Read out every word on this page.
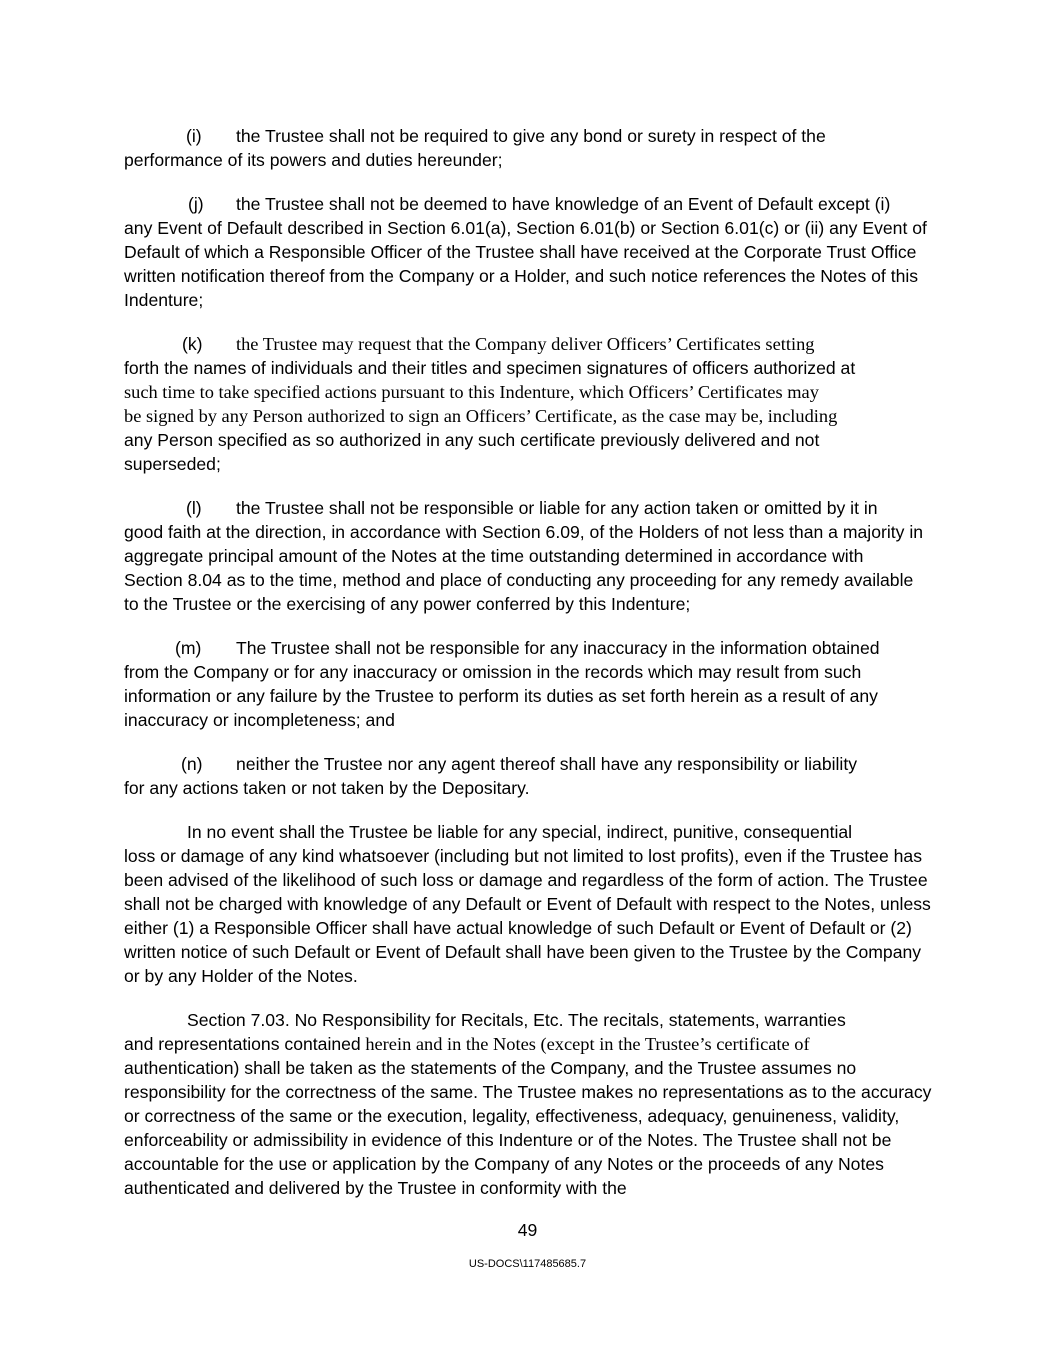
(i) the Trustee shall not be required to give any bond or surety in respect of the
performance of its powers and duties hereunder;
(j) the Trustee shall not be deemed to have knowledge of an Event of Default except (i)
any Event of Default described in Section 6.01(a), Section 6.01(b) or Section 6.01(c) or (ii) any Event of Default of which a Responsible Officer of the Trustee shall have received at the Corporate Trust Office written notification thereof from the Company or a Holder, and such notice references the Notes of this Indenture;
(k) the Trustee may request that the Company deliver Officers’ Certificates setting
forth the names of individuals and their titles and specimen signatures of officers authorized at
such time to take specified actions pursuant to this Indenture, which Officers’ Certificates may
be signed by any Person authorized to sign an Officers’ Certificate, as the case may be, including
any Person specified as so authorized in any such certificate previously delivered and not
superseded;
(l) the Trustee shall not be responsible or liable for any action taken or omitted by it in
good faith at the direction, in accordance with Section 6.09, of the Holders of not less than a majority in aggregate principal amount of the Notes at the time outstanding determined in accordance with Section 8.04 as to the time, method and place of conducting any proceeding for any remedy available to the Trustee or the exercising of any power conferred by this Indenture;
(m) The Trustee shall not be responsible for any inaccuracy in the information obtained
from the Company or for any inaccuracy or omission in the records which may result from such information or any failure by the Trustee to perform its duties as set forth herein as a result of any inaccuracy or incompleteness; and
(n) neither the Trustee nor any agent thereof shall have any responsibility or liability
for any actions taken or not taken by the Depositary.
In no event shall the Trustee be liable for any special, indirect, punitive, consequential
loss or damage of any kind whatsoever (including but not limited to lost profits), even if the Trustee has been advised of the likelihood of such loss or damage and regardless of the form of action. The Trustee shall not be charged with knowledge of any Default or Event of Default with respect to the Notes, unless either (1) a Responsible Officer shall have actual knowledge of such Default or Event of Default or (2) written notice of such Default or Event of Default shall have been given to the Trustee by the Company or by any Holder of the Notes.
Section 7.03. No Responsibility for Recitals, Etc. The recitals, statements, warranties
and representations contained herein and in the Notes (except in the Trustee’s certificate of
authentication) shall be taken as the statements of the Company, and the Trustee assumes no responsibility for the correctness of the same. The Trustee makes no representations as to the accuracy or correctness of the same or the execution, legality, effectiveness, adequacy, genuineness, validity, enforceability or admissibility in evidence of this Indenture or of the Notes. The Trustee shall not be accountable for the use or application by the Company of any Notes or the proceeds of any Notes authenticated and delivered by the Trustee in conformity with the
49
US-DOCS\117485685.7
